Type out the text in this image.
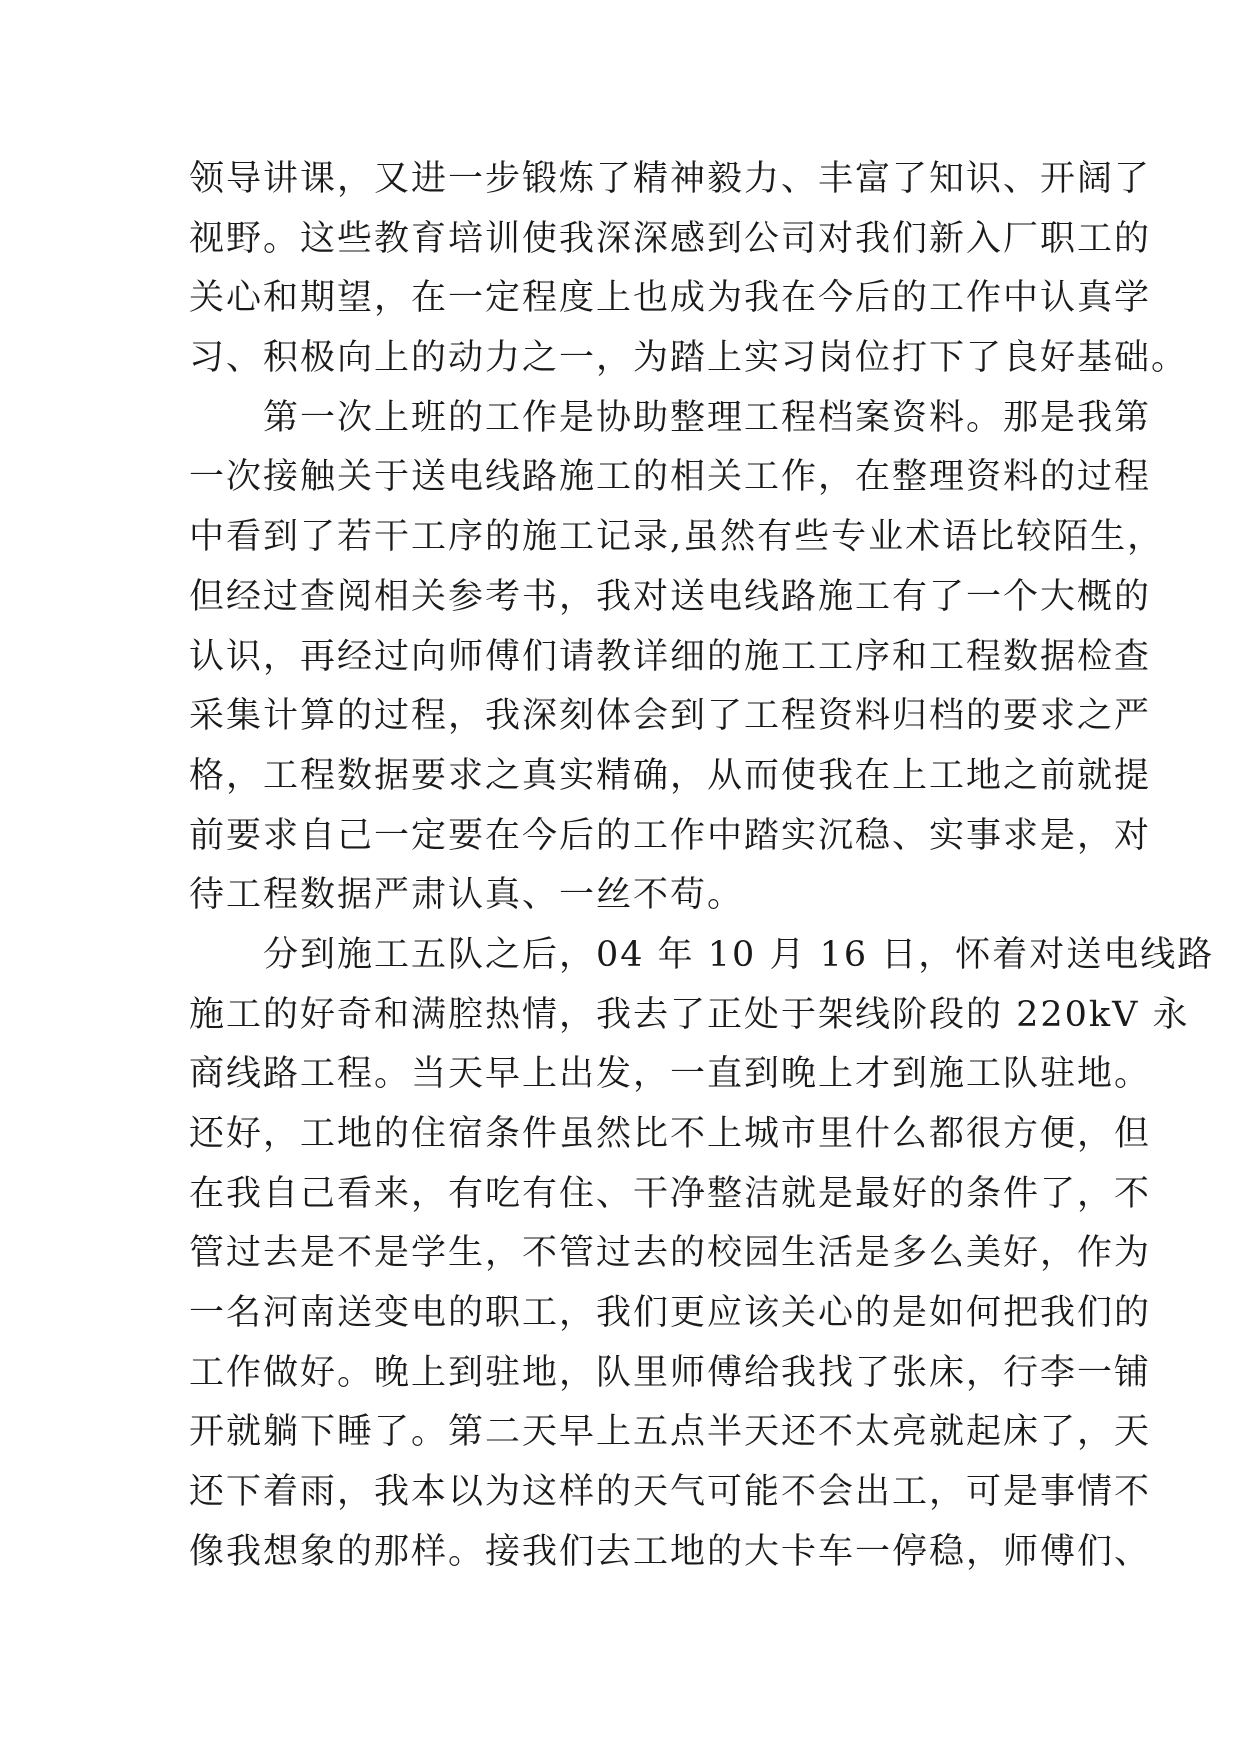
领导讲课，又进一步锻炼了精神毅力、丰富了知识、开阔了
视野。这些教育培训使我深深感到公司对我们新入厂职工的
关心和期望，在一定程度上也成为我在今后的工作中认真学
习、积极向上的动力之一，为踏上实习岗位打下了良好基础。
　　第一次上班的工作是协助整理工程档案资料。那是我第
一次接触关于送电线路施工的相关工作，在整理资料的过程
中看到了若干工序的施工记录,虽然有些专业术语比较陌生，
但经过查阅相关参考书，我对送电线路施工有了一个大概的
认识，再经过向师傅们请教详细的施工工序和工程数据检查
采集计算的过程，我深刻体会到了工程资料归档的要求之严
格，工程数据要求之真实精确，从而使我在上工地之前就提
前要求自己一定要在今后的工作中踏实沉稳、实事求是，对
待工程数据严肃认真、一丝不苟。
　　分到施工五队之后，04 年 10 月 16 日，怀着对送电线路
施工的好奇和满腔热情，我去了正处于架线阶段的 220kV 永
商线路工程。当天早上出发，一直到晚上才到施工队驻地。
还好，工地的住宿条件虽然比不上城市里什么都很方便，但
在我自己看来，有吃有住、干净整洁就是最好的条件了，不
管过去是不是学生，不管过去的校园生活是多么美好，作为
一名河南送变电的职工，我们更应该关心的是如何把我们的
工作做好。晚上到驻地，队里师傅给我找了张床，行李一铺
开就躺下睡了。第二天早上五点半天还不太亮就起床了，天
还下着雨，我本以为这样的天气可能不会出工，可是事情不
像我想象的那样。接我们去工地的大卡车一停稳，师傅们、
